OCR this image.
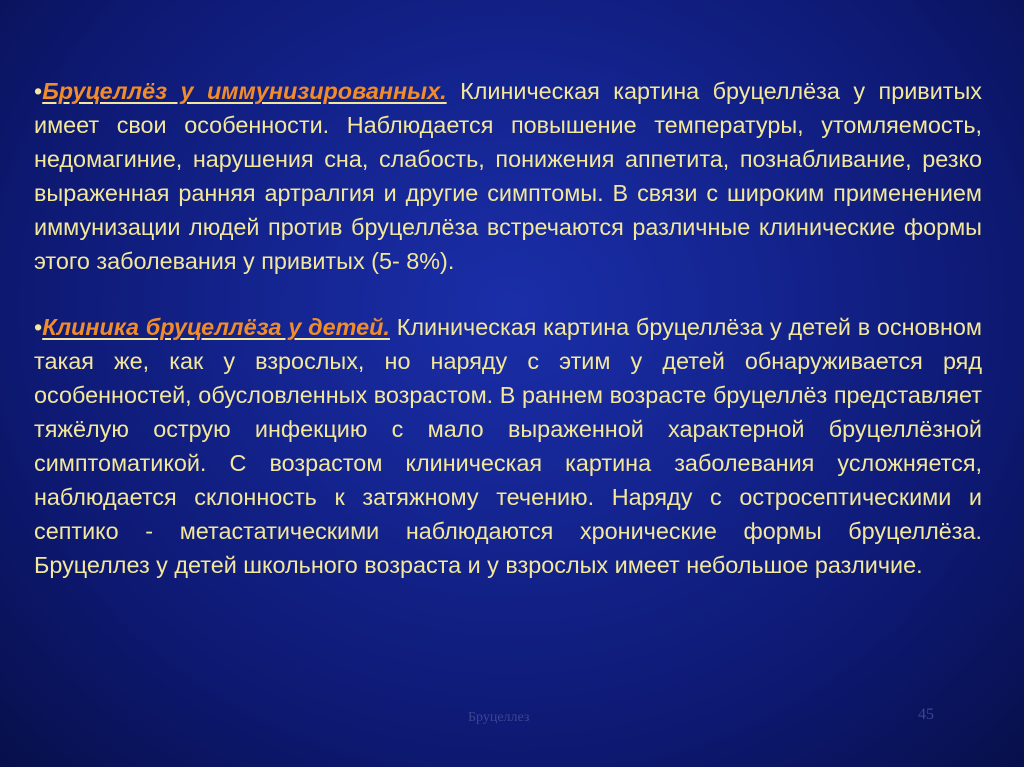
•Бруцеллёз у иммунизированных. Клиническая картина бруцеллёза у привитых имеет свои особенности. Наблюдается повышение температуры, утомляемость, недомагиние, нарушения сна, слабость, понижения аппетита, познабливание, резко выраженная ранняя артралгия и другие симптомы. В связи с широким применением иммунизации людей против бруцеллёза встречаются различные клинические формы этого заболевания у привитых (5- 8%).

•Клиника бруцеллёза у детей. Клиническая картина бруцеллёза у детей в основном такая же, как у взрослых, но наряду с этим у детей обнаруживается ряд особенностей, обусловленных возрастом. В раннем возрасте бруцеллёз представляет тяжёлую острую инфекцию с мало выраженной характерной бруцеллёзной симптоматикой. С возрастом клиническая картина заболевания усложняется, наблюдается склонность к затяжному течению. Наряду с остросептическими и септико - метастатическими наблюдаются хронические формы бруцеллёза. Бруцеллез у детей школьного возраста и у взрослых имеет небольшое различие.

Бруцеллез	45
